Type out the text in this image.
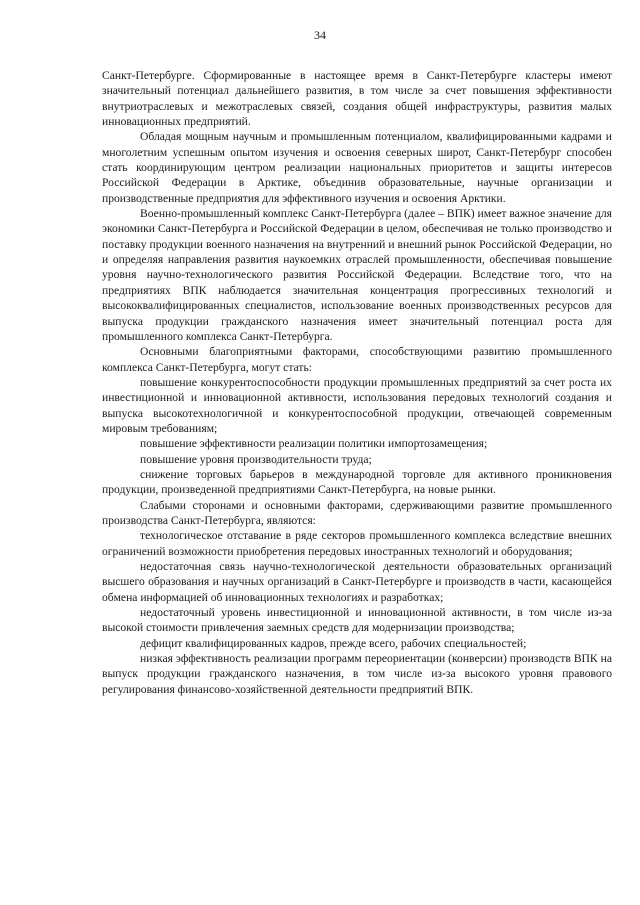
34

Санкт-Петербурге. Сформированные в настоящее время в Санкт-Петербурге кластеры имеют значительный потенциал дальнейшего развития, в том числе за счет повышения эффективности внутриотраслевых и межотраслевых связей, создания общей инфраструктуры, развития малых инновационных предприятий.

Обладая мощным научным и промышленным потенциалом, квалифицированными кадрами и многолетним успешным опытом изучения и освоения северных широт, Санкт-Петербург способен стать координирующим центром реализации национальных приоритетов и защиты интересов Российской Федерации в Арктике, объединив образовательные, научные организации и производственные предприятия для эффективного изучения и освоения Арктики.

Военно-промышленный комплекс Санкт-Петербурга (далее – ВПК) имеет важное значение для экономики Санкт-Петербурга и Российской Федерации в целом, обеспечивая не только производство и поставку продукции военного назначения на внутренний и внешний рынок Российской Федерации, но и определяя направления развития наукоемких отраслей промышленности, обеспечивая повышение уровня научно-технологического развития Российской Федерации. Вследствие того, что на предприятиях ВПК наблюдается значительная концентрация прогрессивных технологий и высококвалифицированных специалистов, использование военных производственных ресурсов для выпуска продукции гражданского назначения имеет значительный потенциал роста для промышленного комплекса Санкт-Петербурга.

Основными благоприятными факторами, способствующими развитию промышленного комплекса Санкт-Петербурга, могут стать:

повышение конкурентоспособности продукции промышленных предприятий за счет роста их инвестиционной и инновационной активности, использования передовых технологий создания и выпуска высокотехнологичной и конкурентоспособной продукции, отвечающей современным мировым требованиям;

повышение эффективности реализации политики импортозамещения;

повышение уровня производительности труда;

снижение торговых барьеров в международной торговле для активного проникновения продукции, произведенной предприятиями Санкт-Петербурга, на новые рынки.

Слабыми сторонами и основными факторами, сдерживающими развитие промышленного производства Санкт-Петербурга, являются:

технологическое отставание в ряде секторов промышленного комплекса вследствие внешних ограничений возможности приобретения передовых иностранных технологий и оборудования;

недостаточная связь научно-технологической деятельности образовательных организаций высшего образования и научных организаций в Санкт-Петербурге и производств в части, касающейся обмена информацией об инновационных технологиях и разработках;

недостаточный уровень инвестиционной и инновационной активности, в том числе из-за высокой стоимости привлечения заемных средств для модернизации производства;

дефицит квалифицированных кадров, прежде всего, рабочих специальностей;

низкая эффективность реализации программ переориентации (конверсии) производств ВПК на выпуск продукции гражданского назначения, в том числе из-за высокого уровня правового регулирования финансово-хозяйственной деятельности предприятий ВПК.
